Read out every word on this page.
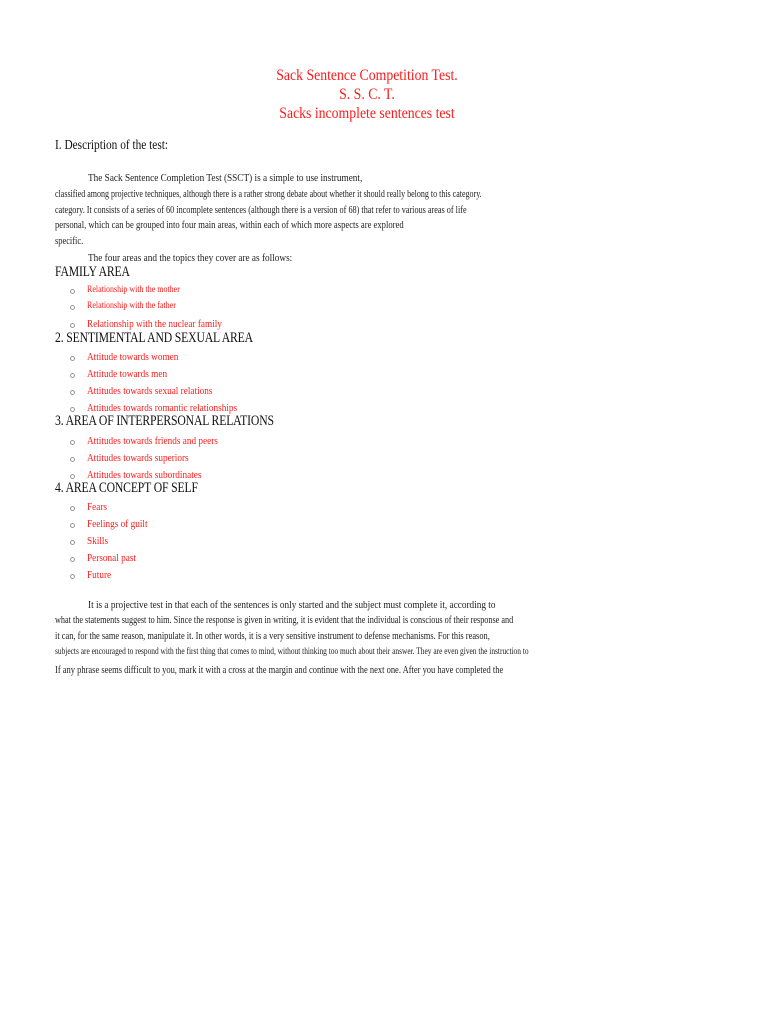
Sack Sentence Competition Test.
S. S. C. T.
Sacks incomplete sentences test
I. Description of the test:
The Sack Sentence Completion Test (SSCT) is a simple to use instrument,
classified among projective techniques, although there is a rather strong debate about whether it should really belong to this category.
category. It consists of a series of 60 incomplete sentences (although there is a version of 68) that refer to various areas of life
personal, which can be grouped into four main areas, within each of which more aspects are explored
specific.
The four areas and the topics they cover are as follows:
FAMILY AREA
Relationship with the mother
Relationship with the father
Relationship with the nuclear family
2. SENTIMENTAL AND SEXUAL AREA
Attitude towards women
Attitude towards men
Attitudes towards sexual relations
Attitudes towards romantic relationships
3. AREA OF INTERPERSONAL RELATIONS
Attitudes towards friends and peers
Attitudes towards superiors
Attitudes towards subordinates
4. AREA CONCEPT OF SELF
Fears
Feelings of guilt
Skills
Personal past
Future
It is a projective test in that each of the sentences is only started and the subject must complete it, according to
what the statements suggest to him. Since the response is given in writing, it is evident that the individual is conscious of their response and
it can, for the same reason, manipulate it. In other words, it is a very sensitive instrument to defense mechanisms. For this reason,
subjects are encouraged to respond with the first thing that comes to mind, without thinking too much about their answer. They are even given the instruction to
If any phrase seems difficult to you, mark it with a cross at the margin and continue with the next one. After you have completed the
